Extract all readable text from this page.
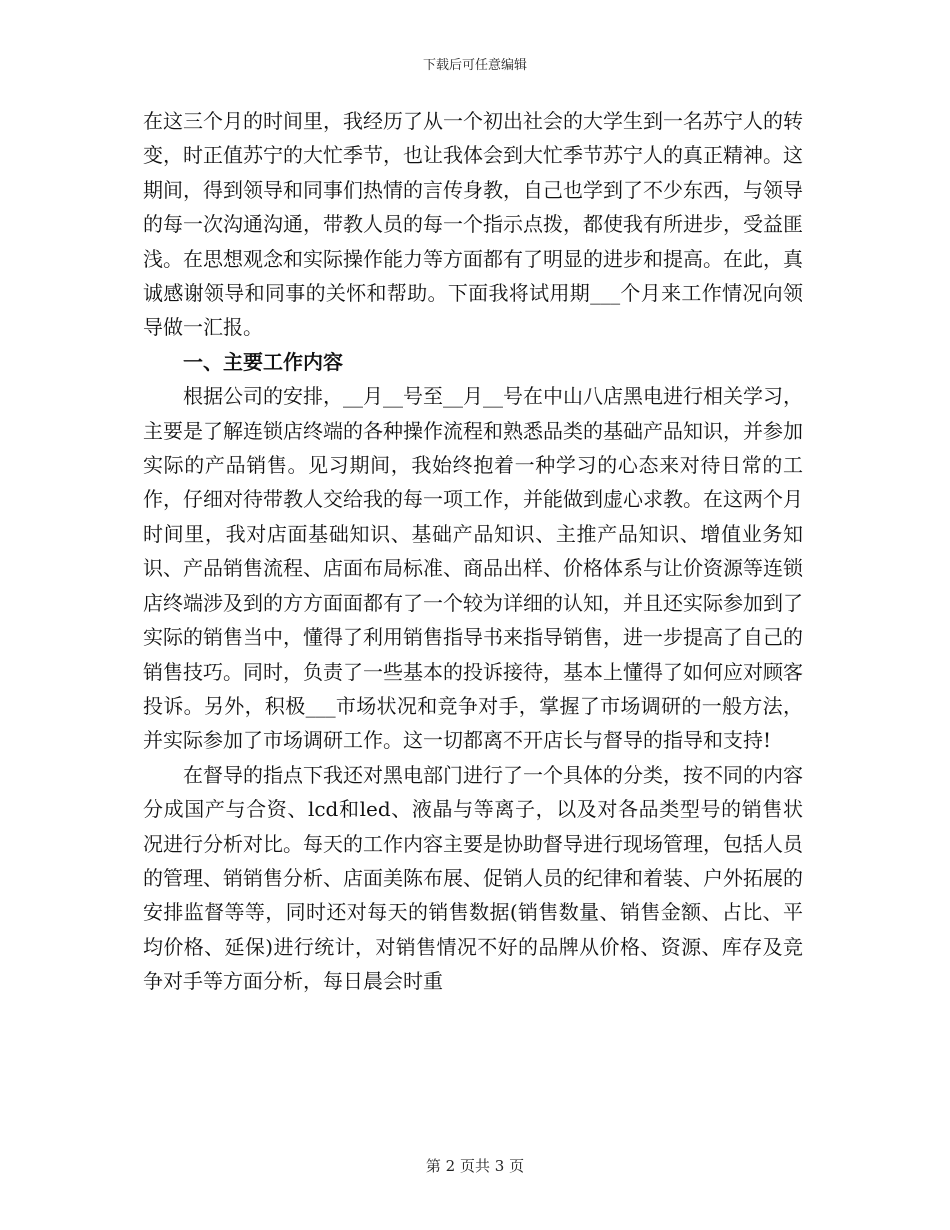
下载后可任意编辑

在这三个月的时间里，我经历了从一个初出社会的大学生到一名苏宁人的转变，时正值苏宁的大忙季节，也让我体会到大忙季节苏宁人的真正精神。这期间，得到领导和同事们热情的言传身教，自己也学到了不少东西，与领导的每一次沟通沟通，带教人员的每一个指示点拨，都使我有所进步，受益匪浅。在思想观念和实际操作能力等方面都有了明显的进步和提高。在此，真诚感谢领导和同事的关怀和帮助。下面我将试用期___个月来工作情况向领导做一汇报。

一、主要工作内容

根据公司的安排，__月__号至__月__号在中山八店黑电进行相关学习，主要是了解连锁店终端的各种操作流程和熟悉品类的基础产品知识，并参加实际的产品销售。见习期间，我始终抱着一种学习的心态来对待日常的工作，仔细对待带教人交给我的每一项工作，并能做到虚心求教。在这两个月时间里，我对店面基础知识、基础产品知识、主推产品知识、增值业务知识、产品销售流程、店面布局标准、商品出样、价格体系与让价资源等连锁店终端涉及到的方方面面都有了一个较为详细的认知，并且还实际参加到了实际的销售当中，懂得了利用销售指导书来指导销售，进一步提高了自己的销售技巧。同时，负责了一些基本的投诉接待，基本上懂得了如何应对顾客投诉。另外，积极___市场状况和竞争对手，掌握了市场调研的一般方法，并实际参加了市场调研工作。这一切都离不开店长与督导的指导和支持!

在督导的指点下我还对黑电部门进行了一个具体的分类，按不同的内容分成国产与合资、lcd和led、液晶与等离子，以及对各品类型号的销售状况进行分析对比。每天的工作内容主要是协助督导进行现场管理，包括人员的管理、销销售分析、店面美陈布展、促销人员的纪律和着装、户外拓展的安排监督等等，同时还对每天的销售数据(销售数量、销售金额、占比、平均价格、延保)进行统计，对销售情况不好的品牌从价格、资源、库存及竞争对手等方面分析，每日晨会时重

第 2 页共 3 页
